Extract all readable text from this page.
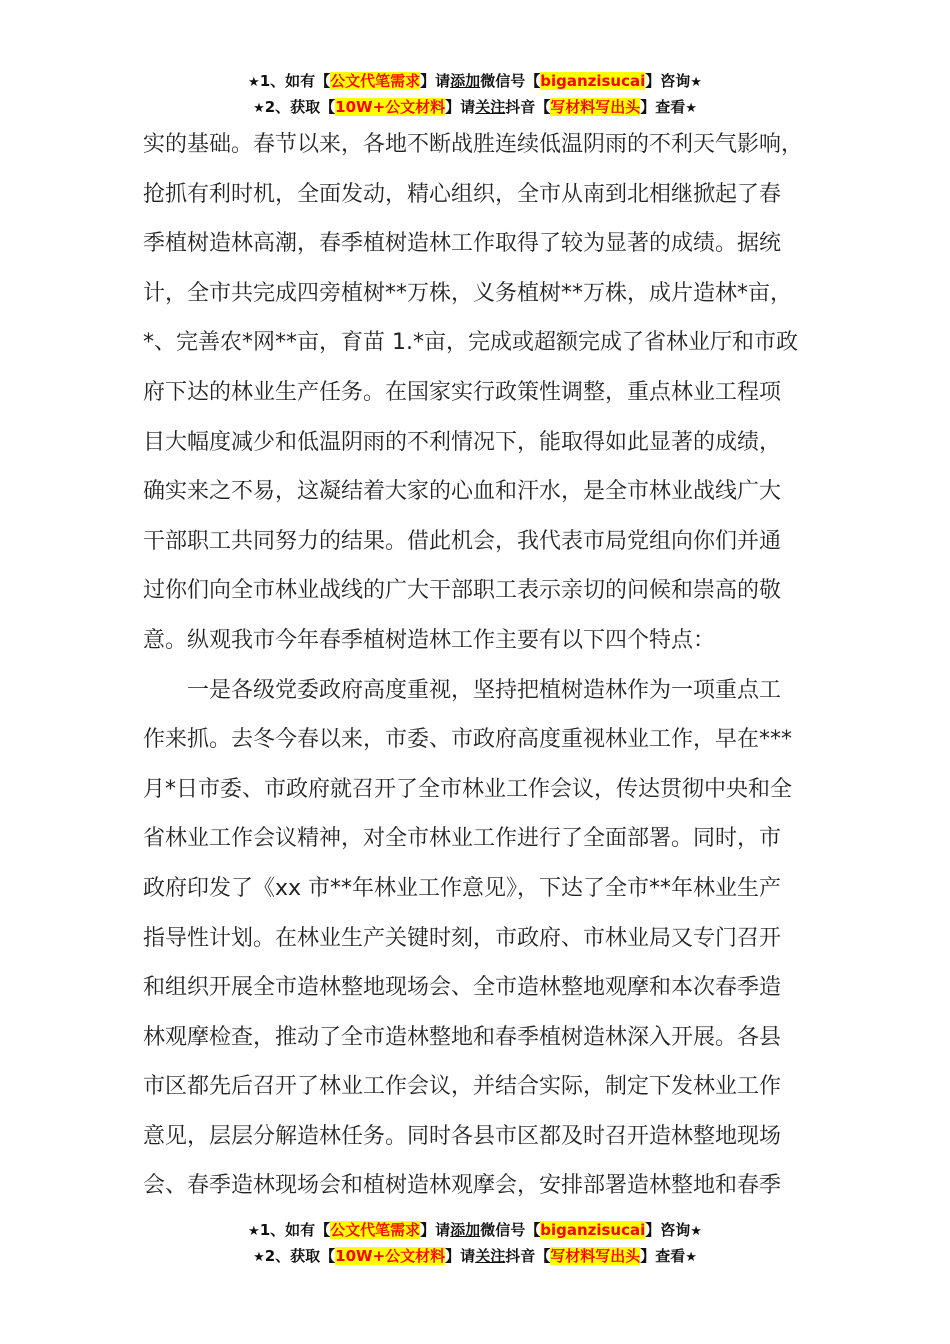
★1、如有【公文代笔需求】请添加微信号【biganzisucai】咨询★
★2、获取【10W+公文材料】请关注抖音【写材料写出头】查看★
实的基础。春节以来，各地不断战胜连续低温阴雨的不利天气影响，
抢抓有利时机，全面发动，精心组织，全市从南到北相继掀起了春
季植树造林高潮，春季植树造林工作取得了较为显著的成绩。据统
计，全市共完成四旁植树**万株，义务植树**万株，成片造林*亩，
*、完善农*网**亩，育苗 1.*亩，完成或超额完成了省林业厅和市政
府下达的林业生产任务。在国家实行政策性调整，重点林业工程项
目大幅度减少和低温阴雨的不利情况下，能取得如此显著的成绩，
确实来之不易，这凝结着大家的心血和汗水，是全市林业战线广大
干部职工共同努力的结果。借此机会，我代表市局党组向你们并通
过你们向全市林业战线的广大干部职工表示亲切的问候和崇高的敬
意。纵观我市今年春季植树造林工作主要有以下四个特点：
　　一是各级党委政府高度重视，坚持把植树造林作为一项重点工
作来抓。去冬今春以来，市委、市政府高度重视林业工作，早在***
月*日市委、市政府就召开了全市林业工作会议，传达贯彻中央和全
省林业工作会议精神，对全市林业工作进行了全面部署。同时，市
政府印发了《xx 市**年林业工作意见》，下达了全市**年林业生产
指导性计划。在林业生产关键时刻，市政府、市林业局又专门召开
和组织开展全市造林整地现场会、全市造林整地观摩和本次春季造
林观摩检查，推动了全市造林整地和春季植树造林深入开展。各县
市区都先后召开了林业工作会议，并结合实际，制定下发林业工作
意见，层层分解造林任务。同时各县市区都及时召开造林整地现场
会、春季造林现场会和植树造林观摩会，安排部署造林整地和春季
★1、如有【公文代笔需求】请添加微信号【biganzisucai】咨询★
★2、获取【10W+公文材料】请关注抖音【写材料写出头】查看★
